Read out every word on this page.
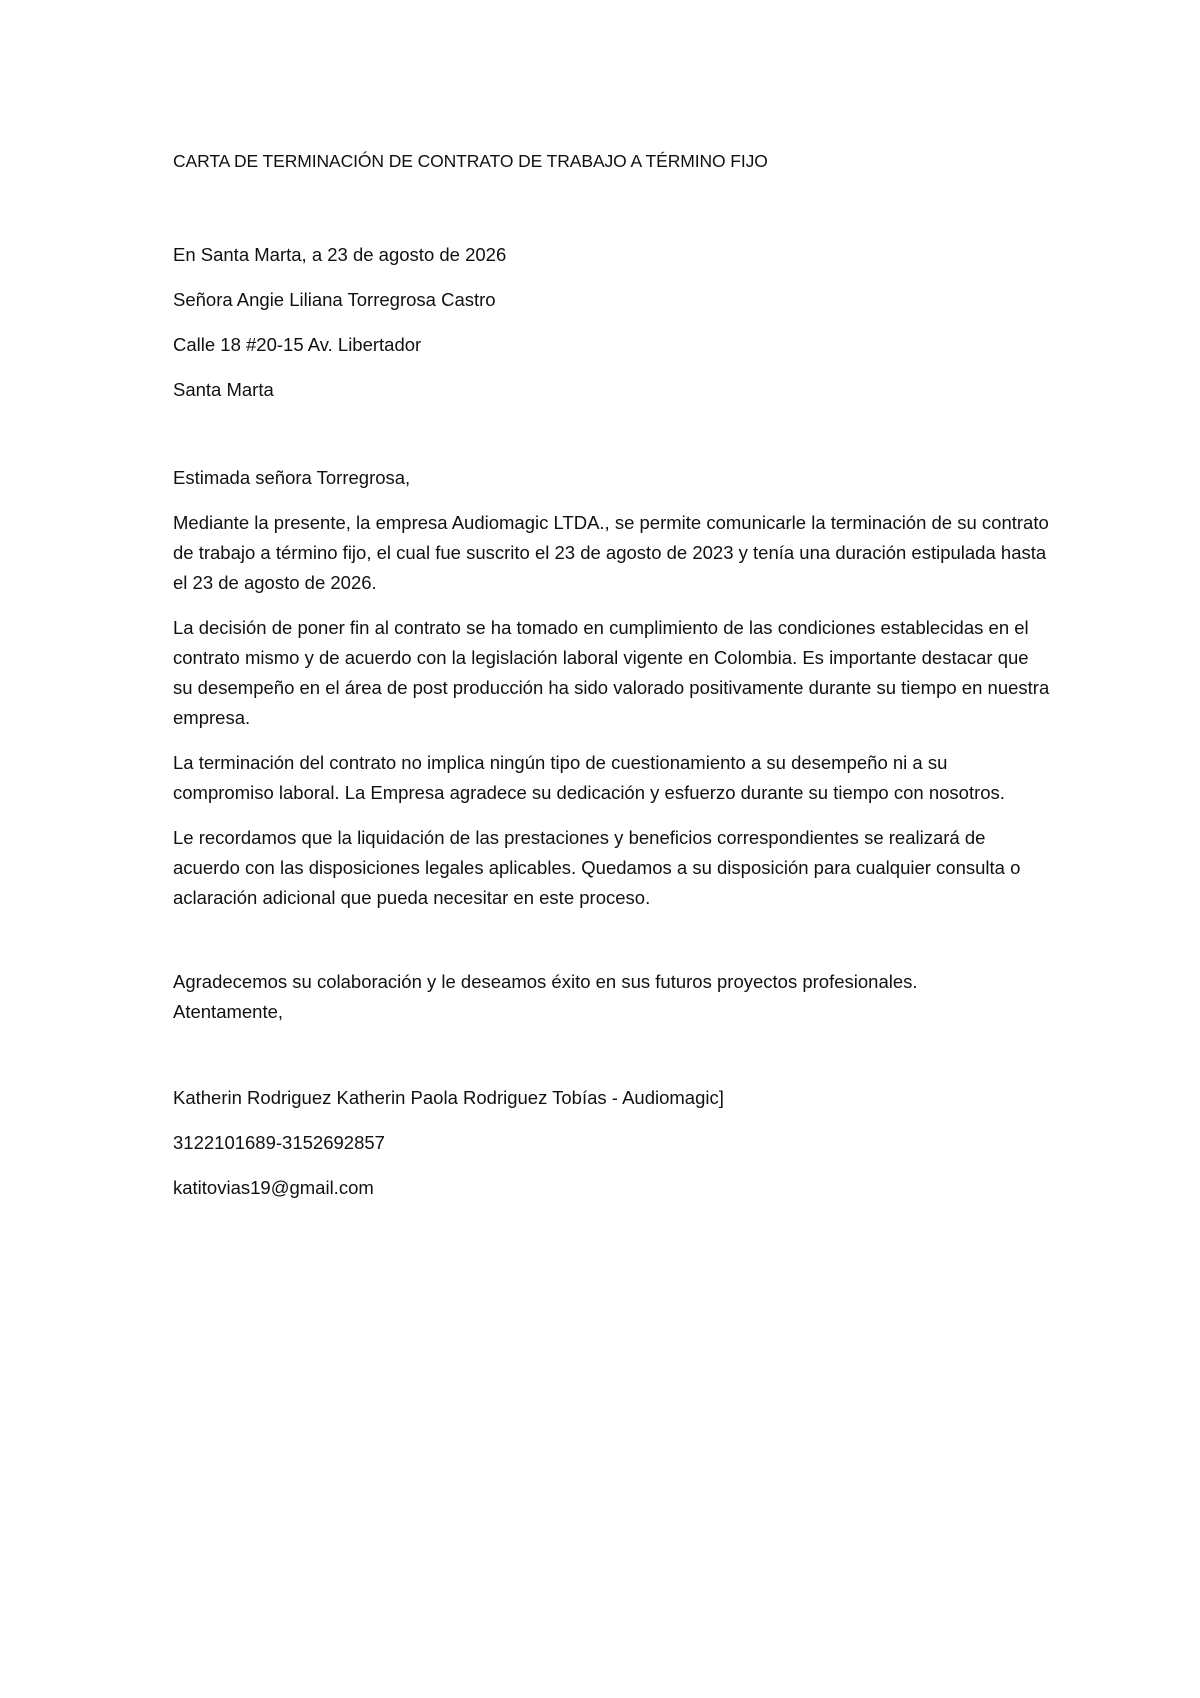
CARTA DE TERMINACIÓN DE CONTRATO DE TRABAJO A TÉRMINO FIJO

En Santa Marta, a 23 de agosto de 2026

Señora Angie Liliana Torregrosa Castro

Calle 18 #20-15 Av. Libertador

Santa Marta

Estimada señora Torregrosa,

Mediante la presente, la empresa Audiomagic LTDA., se permite comunicarle la terminación de su contrato de trabajo a término fijo, el cual fue suscrito el 23 de agosto de 2023 y tenía una duración estipulada hasta el 23 de agosto de 2026.

La decisión de poner fin al contrato se ha tomado en cumplimiento de las condiciones establecidas en el contrato mismo y de acuerdo con la legislación laboral vigente en Colombia. Es importante destacar que su desempeño en el área de post producción ha sido valorado positivamente durante su tiempo en nuestra empresa.

La terminación del contrato no implica ningún tipo de cuestionamiento a su desempeño ni a su compromiso laboral. La Empresa agradece su dedicación y esfuerzo durante su tiempo con nosotros.

Le recordamos que la liquidación de las prestaciones y beneficios correspondientes se realizará de acuerdo con las disposiciones legales aplicables. Quedamos a su disposición para cualquier consulta o aclaración adicional que pueda necesitar en este proceso.

Agradecemos su colaboración y le deseamos éxito en sus futuros proyectos profesionales.

Atentamente,

Katherin Rodriguez Katherin Paola Rodriguez Tobías - Audiomagic]

3122101689-3152692857

katitovias19@gmail.com
